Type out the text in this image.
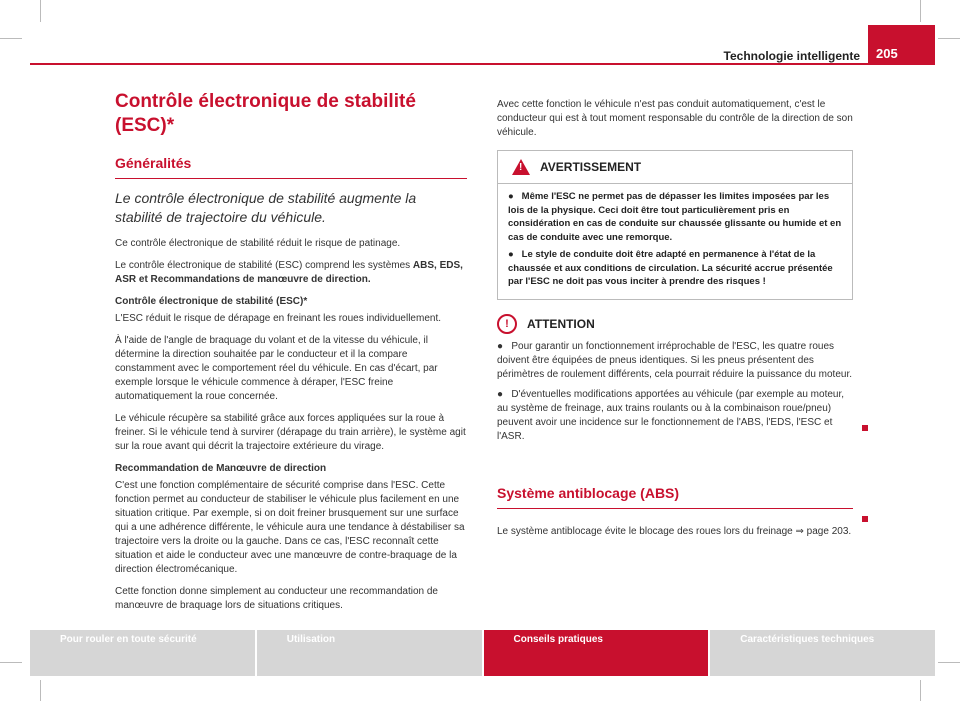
Technologie intelligente	205
Contrôle électronique de stabilité (ESC)*
Généralités
Le contrôle électronique de stabilité augmente la stabilité de trajectoire du véhicule.

Ce contrôle électronique de stabilité réduit le risque de patinage.

Le contrôle électronique de stabilité (ESC) comprend les systèmes ABS, EDS, ASR et Recommandations de manœuvre de direction.

Contrôle électronique de stabilité (ESC)*

L'ESC réduit le risque de dérapage en freinant les roues individuellement.

À l'aide de l'angle de braquage du volant et de la vitesse du véhicule, il détermine la direction souhaitée par le conducteur et il la compare constamment avec le comportement réel du véhicule. En cas d'écart, par exemple lorsque le véhicule commence à déraper, l'ESC freine automatiquement la roue concernée.

Le véhicule récupère sa stabilité grâce aux forces appliquées sur la roue à freiner. Si le véhicule tend à survirer (dérapage du train arrière), le système agit sur la roue avant qui décrit la trajectoire extérieure du virage.

Recommandation de Manœuvre de direction

C'est une fonction complémentaire de sécurité comprise dans l'ESC. Cette fonction permet au conducteur de stabiliser le véhicule plus facilement en une situation critique. Par exemple, si on doit freiner brusquement sur une surface qui a une adhérence différente, le véhicule aura une tendance à déstabiliser sa trajectoire vers la droite ou la gauche. Dans ce cas, l'ESC reconnaît cette situation et aide le conducteur avec une manœuvre de contre-braquage de la direction électromécanique.

Cette fonction donne simplement au conducteur une recommandation de manœuvre de braquage lors de situations critiques.

Avec cette fonction le véhicule n'est pas conduit automatiquement, c'est le conducteur qui est à tout moment responsable du contrôle de la direction de son véhicule.

! AVERTISSEMENT
●   Même l'ESC ne permet pas de dépasser les limites imposées par les lois de la physique. Ceci doit être tout particulièrement pris en considération en cas de conduite sur chaussée glissante ou humide et en cas de conduite avec une remorque.
●   Le style de conduite doit être adapté en permanence à l'état de la chaussée et aux conditions de circulation. La sécurité accrue présentée par l'ESC ne doit pas vous inciter à prendre des risques !
!	ATTENTION
●   Pour garantir un fonctionnement irréprochable de l'ESC, les quatre roues doivent être équipées de pneus identiques. Si les pneus présentent des périmètres de roulement différents, cela pourrait réduire la puissance du moteur.
●   D'éventuelles modifications apportées au véhicule (par exemple au moteur, au système de freinage, aux trains roulants ou à la combinaison roue/pneu) peuvent avoir une incidence sur le fonctionnement de l'ABS, l'EDS, l'ESC et l'ASR.
Système antiblocage (ABS)

Le système antiblocage évite le blocage des roues lors du freinage ⇒ page 203.

Pour rouler en toute sécurité	Utilisation	Conseils pratiques	Caractéristiques techniques
